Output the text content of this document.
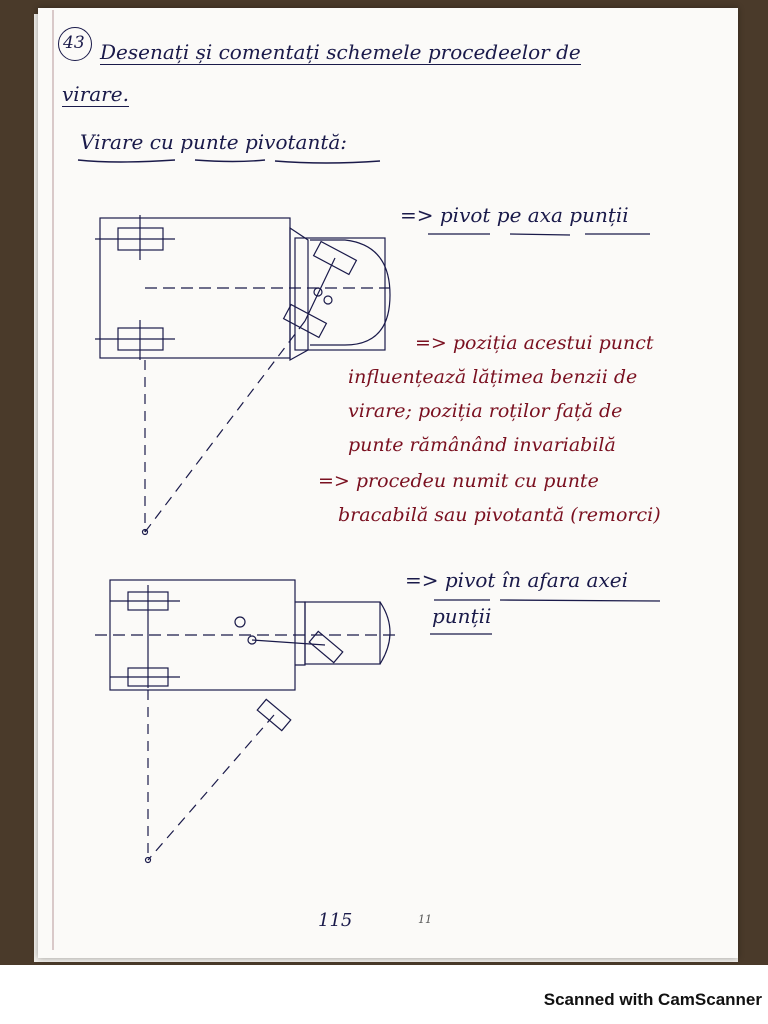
43 Desenați și comentați schemele procedeelor de
virare.
Virare cu punte pivotantă:
=> pivot pe axa punții
=> poziția acestui punct
influențează lățimea benzii de
virare; poziția roților față de
punte rămânând invariabilă
=> procedeu numit cu punte
bracabilă sau pivotantă (remorci)
=> pivot în afara axei
punții
115	11
Scanned with CamScanner
